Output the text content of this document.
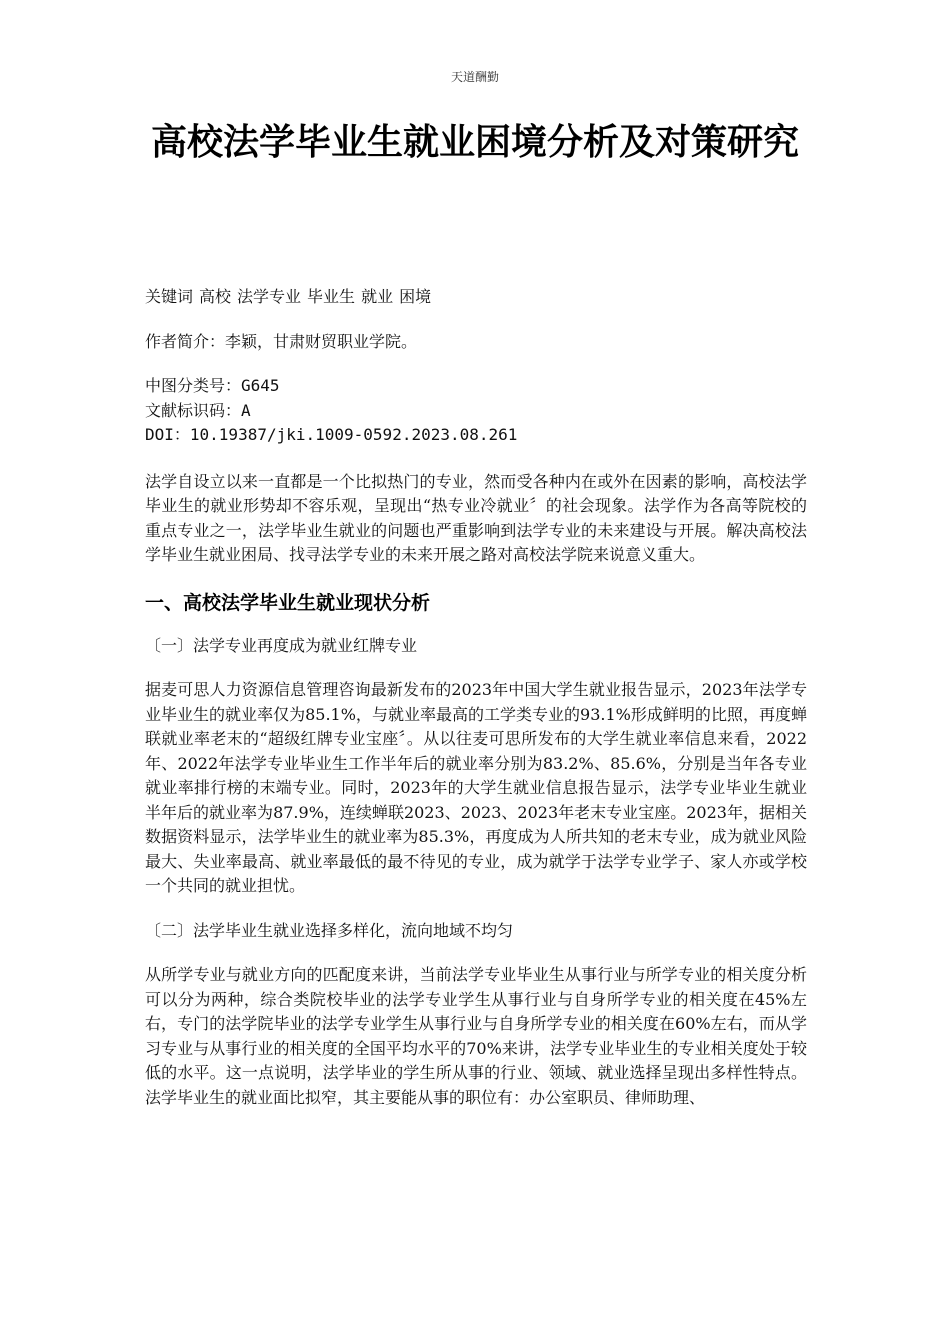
天道酬勤
高校法学毕业生就业困境分析及对策研究

关键词 高校 法学专业 毕业生 就业 困境

作者简介：李颖，甘肃财贸职业学院。

中图分类号：G645

文献标识码：A

DOI：10.19387/jki.1009-0592.2023.08.261

法学自设立以来一直都是一个比拟热门的专业，然而受各种内在或外在因素的影响，高校法学毕业生的就业形势却不容乐观，呈现出“热专业冷就业〞的社会现象。法学作为各高等院校的重点专业之一，法学毕业生就业的问题也严重影响到法学专业的未来建设与开展。解决高校法学毕业生就业困局、找寻法学专业的未来开展之路对高校法学院来说意义重大。

一、高校法学毕业生就业现状分析

〔一〕法学专业再度成为就业红牌专业

据麦可思人力资源信息管理咨询最新发布的2023年中国大学生就业报告显示，2023年法学专业毕业生的就业率仅为85.1%，与就业率最高的工学类专业的93.1%形成鲜明的比照，再度蝉联就业率老末的“超级红牌专业宝座〞。从以往麦可思所发布的大学生就业率信息来看，2022年、2022年法学专业毕业生工作半年后的就业率分别为83.2%、85.6%，分别是当年各专业就业率排行榜的末端专业。同时，2023年的大学生就业信息报告显示，法学专业毕业生就业半年后的就业率为87.9%，连续蝉联2023、2023、2023年老末专业宝座。2023年，据相关数据资料显示，法学毕业生的就业率为85.3%，再度成为人所共知的老末专业，成为就业风险最大、失业率最高、就业率最低的最不待见的专业，成为就学于法学专业学子、家人亦或学校一个共同的就业担忧。

〔二〕法学毕业生就业选择多样化，流向地域不均匀

从所学专业与就业方向的匹配度来讲，当前法学专业毕业生从事行业与所学专业的相关度分析可以分为两种，综合类院校毕业的法学专业学生从事行业与自身所学专业的相关度在45%左右，专门的法学院毕业的法学专业学生从事行业与自身所学专业的相关度在60%左右，而从学习专业与从事行业的相关度的全国平均水平的70%来讲，法学专业毕业生的专业相关度处于较低的水平。这一点说明，法学毕业的学生所从事的行业、领域、就业选择呈现出多样性特点。法学毕业生的就业面比拟窄，其主要能从事的职位有：办公室职员、律师助理、
